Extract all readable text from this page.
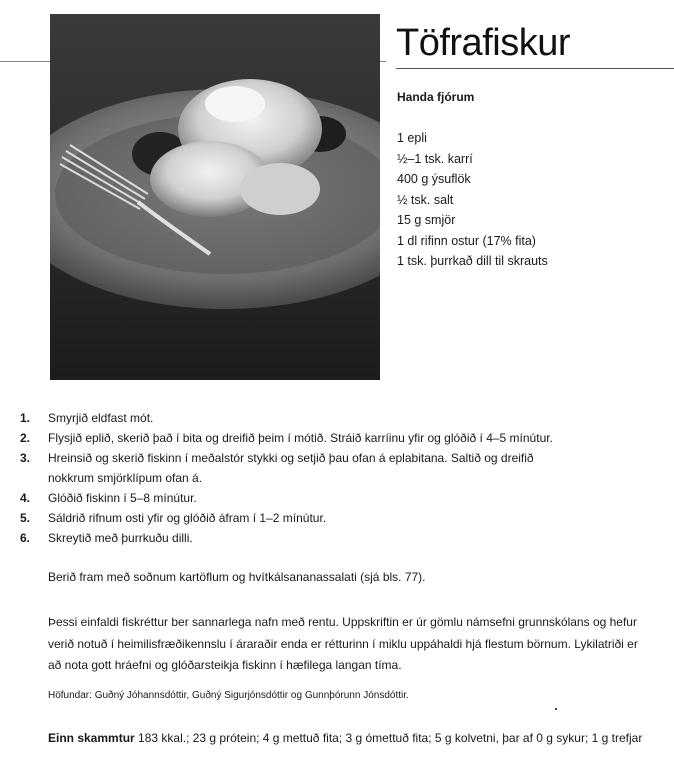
Töfrafiskur
Handa fjórum
1 epli
½–1 tsk. karrí
400 g ýsuflök
½ tsk. salt
15 g smjör
1 dl rifinn ostur (17% fita)
1 tsk. þurrkað dill til skrauts
1.	Smyrjið eldfast mót.
2.	Flysjið eplið, skerið það í bita og dreifið þeim í mótið. Stráið karríinu yfir og glóðið í 4–5 mínútur.
3.	Hreinsið og skerið fiskinn í meðalstór stykki og setjið þau ofan á eplabitana. Saltið og dreifið nokkrum smjörklípum ofan á.
4.	Glóðið fiskinn í 5–8 mínútur.
5.	Sáldrið rifnum osti yfir og glóðið áfram í 1–2 mínútur.
6.	Skreytið með þurrkuðu dilli.
Berið fram með soðnum kartöflum og hvítkálsananassalati (sjá bls. 77).

Þessi einfaldi fiskréttur ber sannarlega nafn með rentu. Uppskriftin er úr gömlu námsefni grunnskólans og hefur verið notuð í heimilisfræðikennslu í áraraðir enda er rétturinn í miklu uppáhaldi hjá flestum börnum. Lykilatriði er að nota gott hráefni og glóðarsteikja fiskinn í hæfilega langan tíma.

Höfundar: Guðný Jóhannsdóttir, Guðný Sigurjónsdóttir og Gunnþórunn Jónsdóttir.
Einn skammtur 183 kkal.; 23 g prótein; 4 g mettuð fita; 3 g ómettuð fita; 5 g kolvetni, þar af 0 g sykur; 1 g trefjar
